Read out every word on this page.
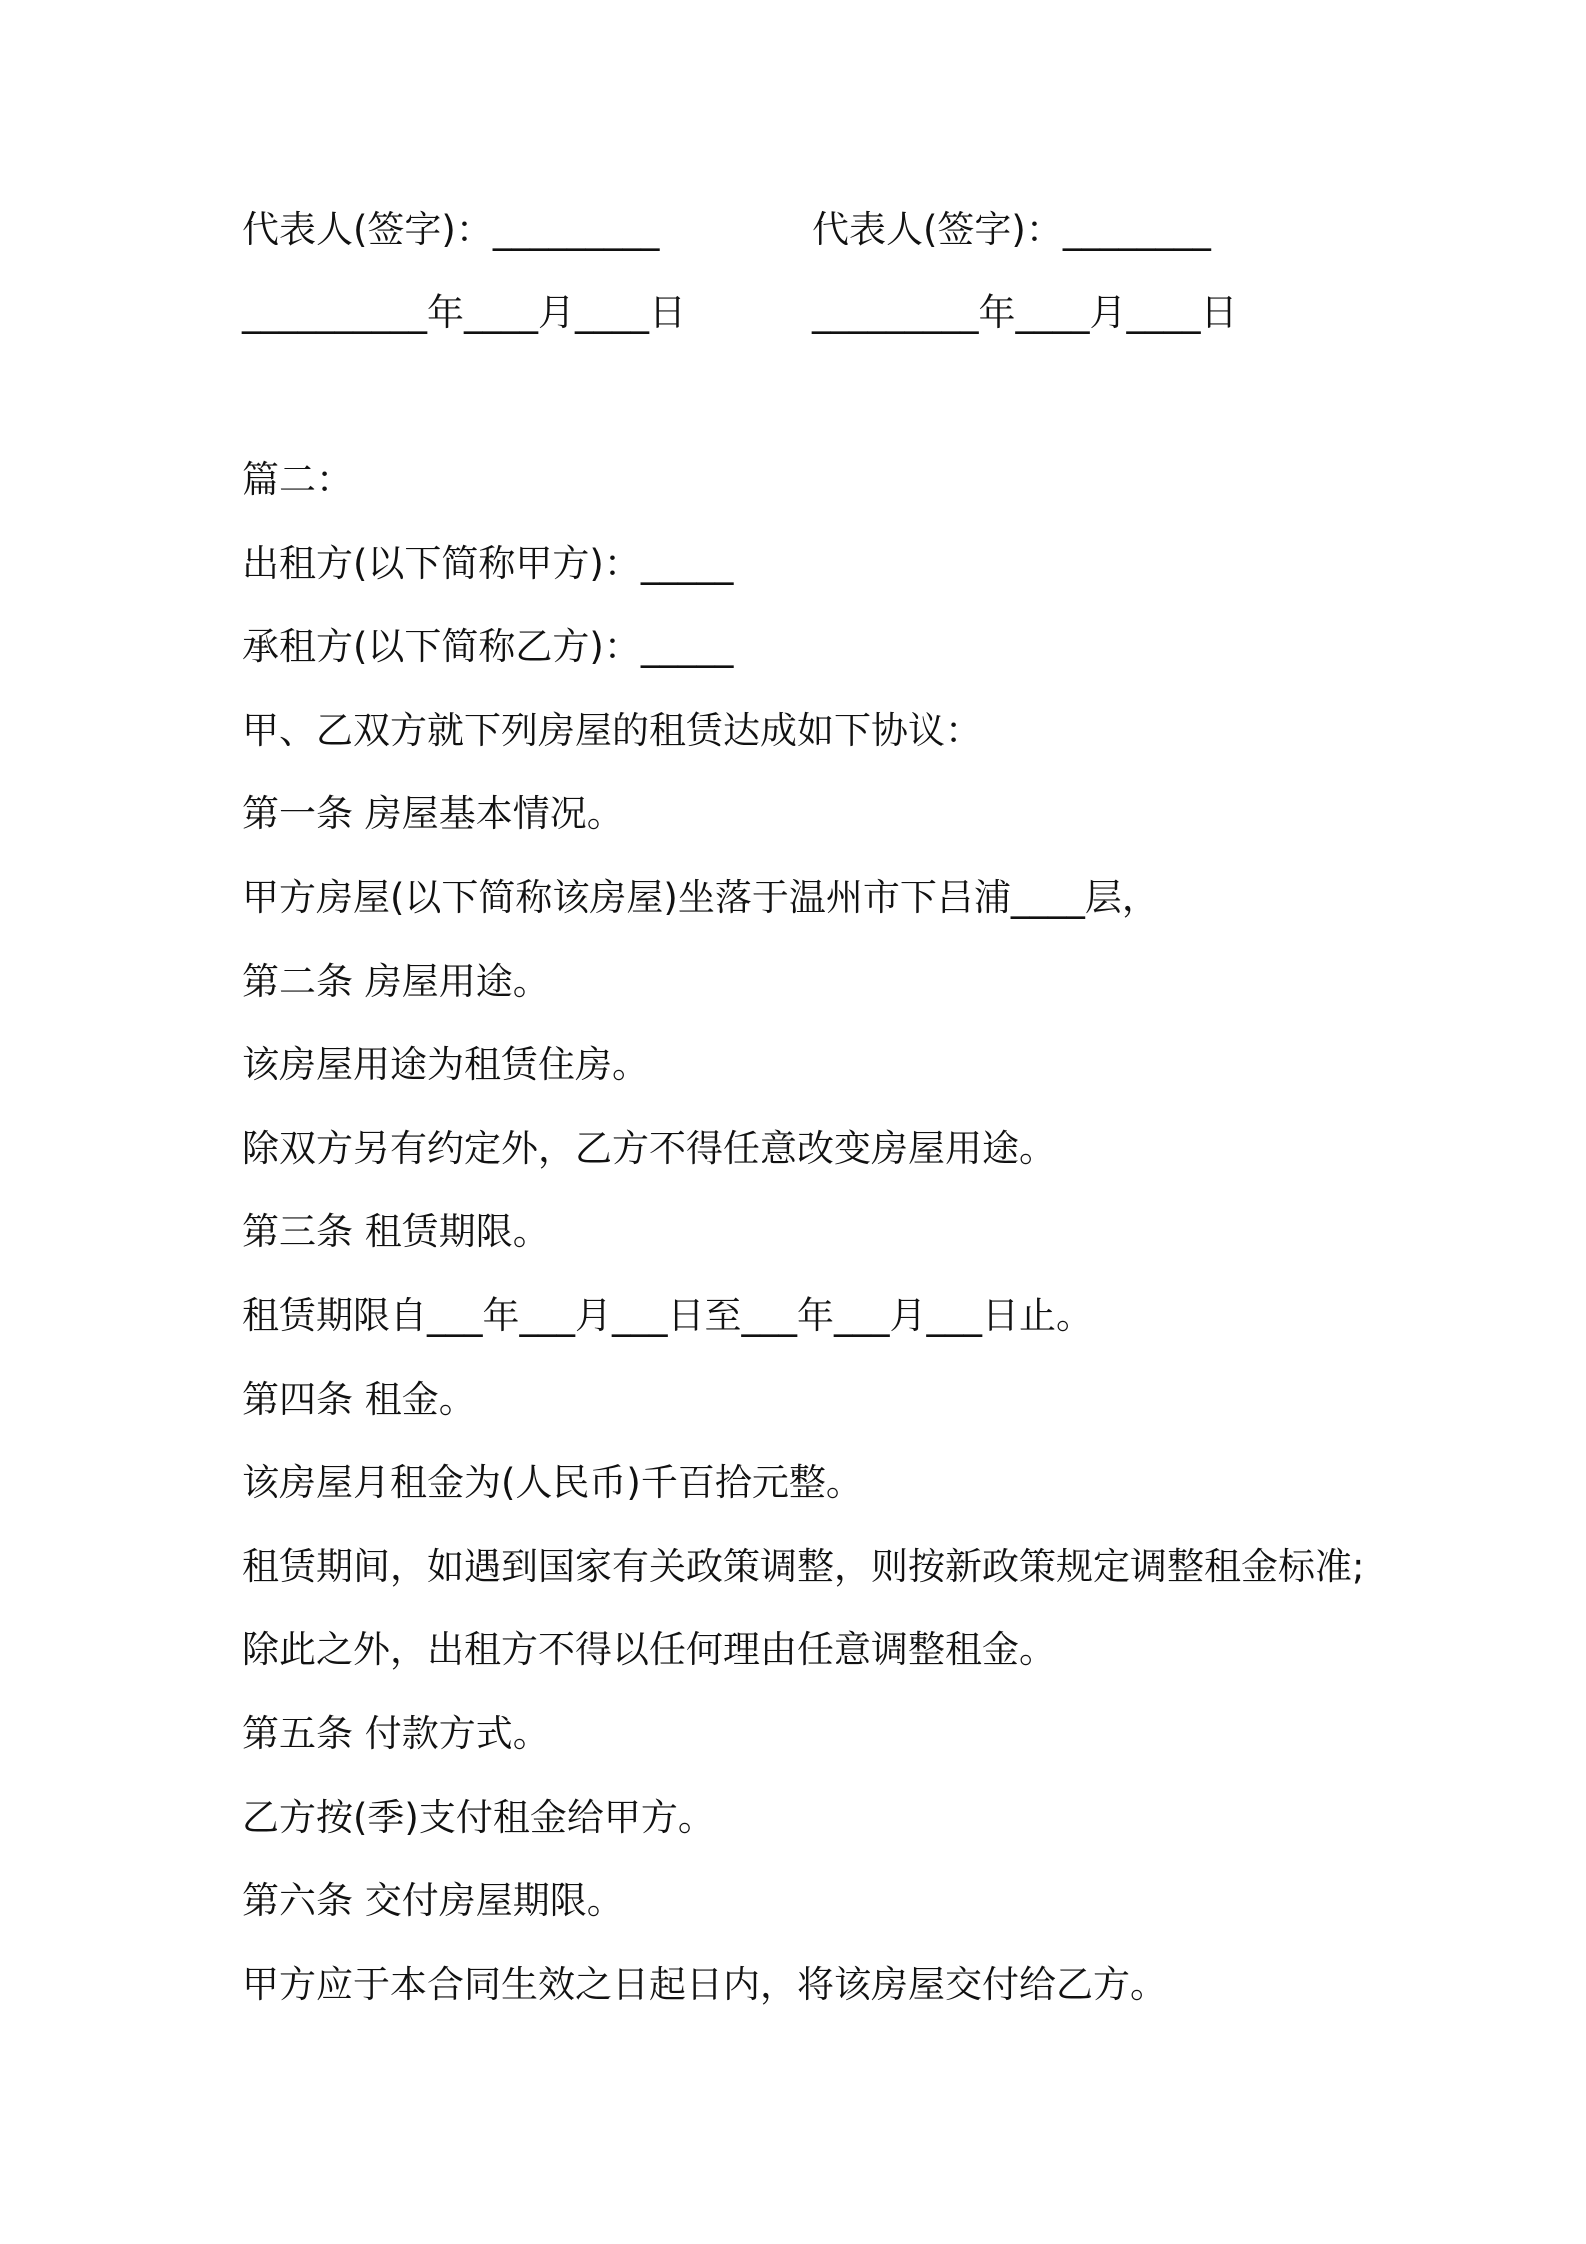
代表人(签字)：_________	代表人(签字)：________
__________年____月____日	_________年____月____日
篇二：
出租方(以下简称甲方)：_____
承租方(以下简称乙方)：_____
甲、乙双方就下列房屋的租赁达成如下协议：
第一条 房屋基本情况。
甲方房屋(以下简称该房屋)坐落于温州市下吕浦____层，
第二条 房屋用途。
该房屋用途为租赁住房。
除双方另有约定外，乙方不得任意改变房屋用途。
第三条 租赁期限。
租赁期限自___年___月___日至___年___月___日止。
第四条 租金。
该房屋月租金为(人民币)千百拾元整。
租赁期间，如遇到国家有关政策调整，则按新政策规定调整租金标准;
除此之外，出租方不得以任何理由任意调整租金。
第五条 付款方式。
乙方按(季)支付租金给甲方。
第六条 交付房屋期限。
甲方应于本合同生效之日起日内，将该房屋交付给乙方。
